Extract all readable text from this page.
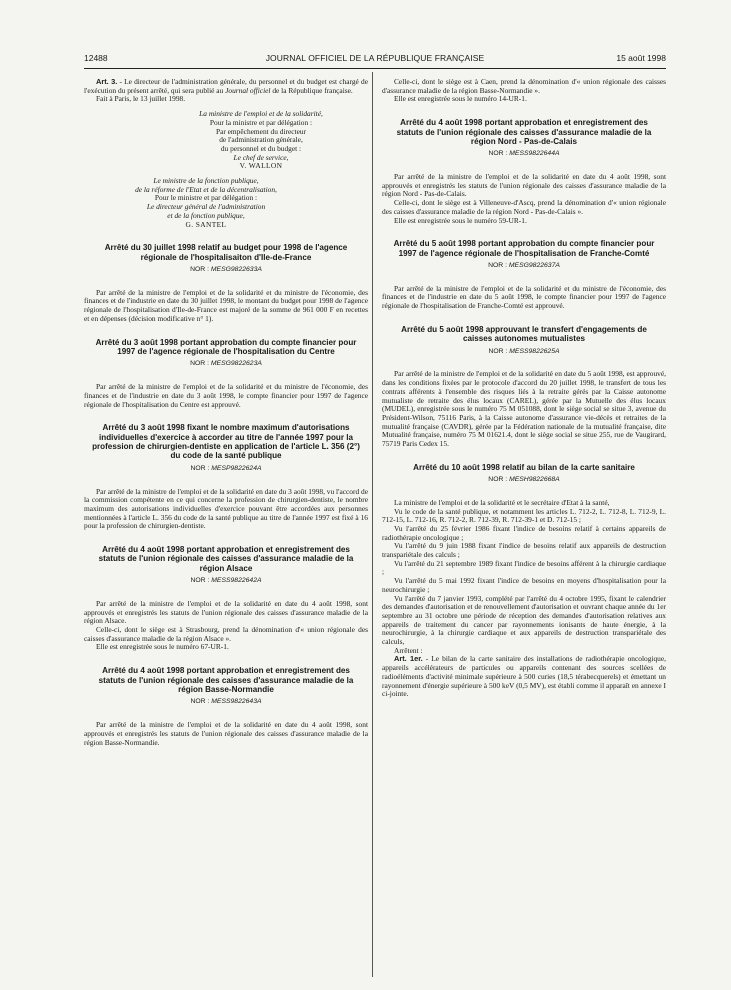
12488	JOURNAL OFFICIEL DE LA RÉPUBLIQUE FRANÇAISE	15 août 1998

Art. 3. - Le directeur de l'administration générale, du personnel et du budget est chargé de l'exécution du présent arrêté, qui sera publié au Journal officiel de la République française.

Fait à Paris, le 13 juillet 1998.

La ministre de l'emploi et de la solidarité,

Pour la ministre et par délégation :

Par empêchement du directeur

de l'administration générale,

du personnel et du budget :

Le chef de service,

V. WALLON

Le ministre de la fonction publique,

de la réforme de l'Etat et de la décentralisation,

Pour le ministre et par délégation :

Le directeur général de l'administration

et de la fonction publique,

G. SANTEL

Arrêté du 30 juillet 1998 relatif au budget pour 1998 de l'agence régionale de l'hospitalisaiton d'Ile-de-France
NOR : MESG9822633A

Par arrêté de la ministre de l'emploi et de la solidarité et du ministre de l'économie, des finances et de l'industrie en date du 30 juillet 1998, le montant du budget pour 1998 de l'agence régionale de l'hospitalisation d'Ile-de-France est majoré de la somme de 961 000 F en recettes et en dépenses (décision modificative n° 1).

Arrêté du 3 août 1998 portant approbation du compte financier pour 1997 de l'agence régionale de l'hospitalisation du Centre
NOR : MESG9822623A

Par arrêté de la ministre de l'emploi et de la solidarité et du ministre de l'économie, des finances et de l'industrie en date du 3 août 1998, le compte financier pour 1997 de l'agence régionale de l'hospitalisation du Centre est approuvé.

Arrêté du 3 août 1998 fixant le nombre maximum d'autorisations individuelles d'exercice à accorder au titre de l'année 1997 pour la profession de chirurgien-dentiste en application de l'article L. 356 (2°) du code de la santé publique
NOR : MESP9822624A

Par arrêté de la ministre de l'emploi et de la solidarité en date du 3 août 1998, vu l'accord de la commission compétente en ce qui concerne la profession de chirurgien-dentiste, le nombre maximum des autorisations individuelles d'exercice pouvant être accordées aux personnes mentionnées à l'article L. 356 du code de la santé publique au titre de l'année 1997 est fixé à 16 pour la profession de chirurgien-dentiste.

Arrêté du 4 août 1998 portant approbation et enregistrement des statuts de l'union régionale des caisses d'assurance maladie de la région Alsace
NOR : MESS9822642A

Par arrêté de la ministre de l'emploi et de la solidarité en date du 4 août 1998, sont approuvés et enregistrés les statuts de l'union régionale des caisses d'assurance maladie de la région Alsace.

Celle-ci, dont le siège est à Strasbourg, prend la dénomination d'« union régionale des caisses d'assurance maladie de la région Alsace ».

Elle est enregistrée sous le numéro 67-UR-1.

Arrêté du 4 août 1998 portant approbation et enregistrement des statuts de l'union régionale des caisses d'assurance maladie de la région Basse-Normandie
NOR : MESS9822643A

Par arrêté de la ministre de l'emploi et de la solidarité en date du 4 août 1998, sont approuvés et enregistrés les statuts de l'union régionale des caisses d'assurance maladie de la région Basse-Normandie.

Celle-ci, dont le siège est à Caen, prend la dénomination d'« union régionale des caisses d'assurance maladie de la région Basse-Normandie ».

Elle est enregistrée sous le numéro 14-UR-1.

Arrêté du 4 août 1998 portant approbation et enregistrement des statuts de l'union régionale des caisses d'assurance maladie de la région Nord - Pas-de-Calais
NOR : MESS9822644A

Par arrêté de la ministre de l'emploi et de la solidarité en date du 4 août 1998, sont approuvés et enregistrés les statuts de l'union régionale des caisses d'assurance maladie de la région Nord - Pas-de-Calais.

Celle-ci, dont le siège est à Villeneuve-d'Ascq, prend la dénomination d'« union régionale des caisses d'assurance maladie de la région Nord - Pas-de-Calais ».

Elle est enregistrée sous le numéro 59-UR-1.

Arrêté du 5 août 1998 portant approbation du compte financier pour 1997 de l'agence régionale de l'hospitalisation de Franche-Comté
NOR : MESG9822637A

Par arrêté de la ministre de l'emploi et de la solidarité et du ministre de l'économie, des finances et de l'industrie en date du 5 août 1998, le compte financier pour 1997 de l'agence régionale de l'hospitalisation de Franche-Comté est approuvé.

Arrêté du 5 août 1998 approuvant le transfert d'engagements de caisses autonomes mutualistes
NOR : MESS9822625A

Par arrêté de la ministre de l'emploi et de la solidarité en date du 5 août 1998, est approuvé, dans les conditions fixées par le protocole d'accord du 20 juillet 1998, le transfert de tous les contrats afférents à l'ensemble des risques liés à la retraite gérés par la Caisse autonome mutualiste de retraite des élus locaux (CAREL), gérée par la Mutuelle des élus locaux (MUDEL), enregistrée sous le numéro 75 M 051088, dont le siège social se situe 3, avenue du Président-Wilson, 75116 Paris, à la Caisse autonome d'assurance vie-décès et retraites de la mutualité française (CAVDR), gérée par la Fédération nationale de la mutualité française, dite Mutualité française, numéro 75 M 01621.4, dont le siège social se situe 255, rue de Vaugirard, 75719 Paris Cedex 15.

Arrêté du 10 août 1998 relatif au bilan de la carte sanitaire
NOR : MESH9822668A

La ministre de l'emploi et de la solidarité et le secrétaire d'Etat à la santé,

Vu le code de la santé publique, et notamment les articles L. 712-2, L. 712-8, L. 712-9, L. 712-15, L. 712-16, R. 712-2, R. 712-39, R. 712-39-1 et D. 712-15 ;

Vu l'arrêté du 25 février 1986 fixant l'indice de besoins relatif à certains appareils de radiothérapie oncologique ;

Vu l'arrêté du 9 juin 1988 fixant l'indice de besoins relatif aux appareils de destruction transpariétale des calculs ;

Vu l'arrêté du 21 septembre 1989 fixant l'indice de besoins afférent à la chirurgie cardiaque ;

Vu l'arrêté du 5 mai 1992 fixant l'indice de besoins en moyens d'hospitalisation pour la neurochirurgie ;

Vu l'arrêté du 7 janvier 1993, complété par l'arrêté du 4 octobre 1995, fixant le calendrier des demandes d'autorisation et de renouvellement d'autorisation et ouvrant chaque année du 1er septembre au 31 octobre une période de réception des demandes d'autorisation relatives aux appareils de traitement du cancer par rayonnements ionisants de haute énergie, à la neurochirurgie, à la chirurgie cardiaque et aux appareils de destruction transpariétale des calculs,

Arrêtent :

Art. 1er. - Le bilan de la carte sanitaire des installations de radiothérapie oncologique, appareils accélérateurs de particules ou appareils contenant des sources scellées de radioéléments d'activité minimale supérieure à 500 curies (18,5 térabecquerels) et émettant un rayonnement d'énergie supérieure à 500 keV (0,5 MV), est établi comme il apparaît en annexe I ci-jointe.
